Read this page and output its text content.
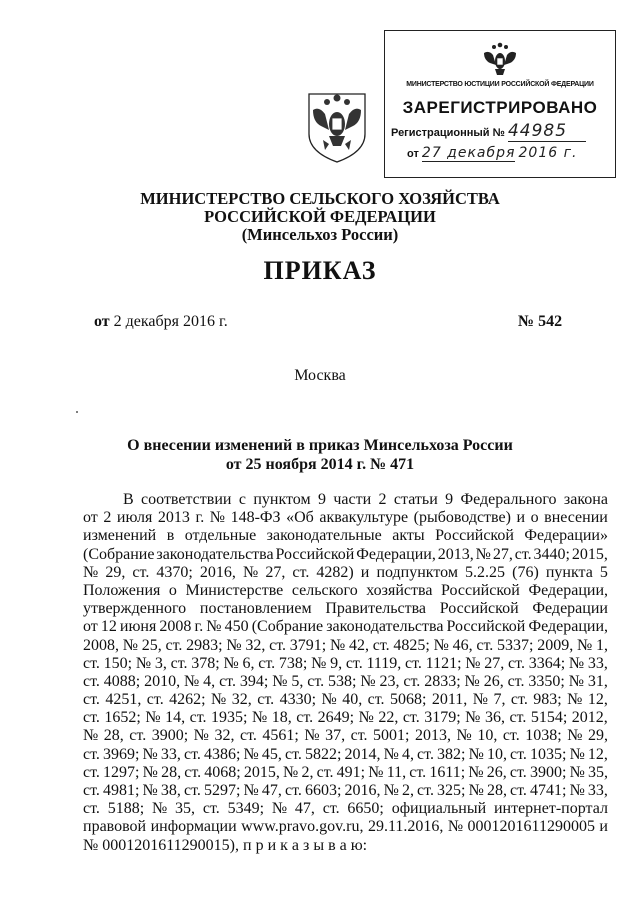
МИНИСТЕРСТВО ЮСТИЦИИ РОССИЙСКОЙ ФЕДЕРАЦИИ
ЗАРЕГИСТРИРОВАНО
Регистрационный № 44985
от 27 декабря 2016 г.
МИНИСТЕРСТВО СЕЛЬСКОГО ХОЗЯЙСТВА
РОССИЙСКОЙ ФЕДЕРАЦИИ
(Минсельхоз России)
ПРИКАЗ
от 2 декабря 2016 г.	№ 542
Москва
О внесении изменений в приказ Минсельхоза России
от 25 ноября 2014 г. № 471
В соответствии с пунктом 9 части 2 статьи 9 Федерального закона
от 2 июля 2013 г. № 148-ФЗ «Об аквакультуре (рыбоводстве) и о внесении
изменений в отдельные законодательные акты Российской Федерации»
(Собрание законодательства Российской Федерации, 2013, № 27, ст. 3440; 2015,
№ 29, ст. 4370; 2016, № 27, ст. 4282) и подпунктом 5.2.25 (76) пункта 5
Положения о Министерстве сельского хозяйства Российской Федерации,
утвержденного постановлением Правительства Российской Федерации
от 12 июня 2008 г. № 450 (Собрание законодательства Российской Федерации,
2008, № 25, ст. 2983; № 32, ст. 3791; № 42, ст. 4825; № 46, ст. 5337; 2009, № 1,
ст. 150; № 3, ст. 378; № 6, ст. 738; № 9, ст. 1119, ст. 1121; № 27, ст. 3364; № 33,
ст. 4088; 2010, № 4, ст. 394; № 5, ст. 538; № 23, ст. 2833; № 26, ст. 3350; № 31,
ст. 4251, ст. 4262; № 32, ст. 4330; № 40, ст. 5068; 2011, № 7, ст. 983; № 12,
ст. 1652; № 14, ст. 1935; № 18, ст. 2649; № 22, ст. 3179; № 36, ст. 5154; 2012,
№ 28, ст. 3900; № 32, ст. 4561; № 37, ст. 5001; 2013, № 10, ст. 1038; № 29,
ст. 3969; № 33, ст. 4386; № 45, ст. 5822; 2014, № 4, ст. 382; № 10, ст. 1035; № 12,
ст. 1297; № 28, ст. 4068; 2015, № 2, ст. 491; № 11, ст. 1611; № 26, ст. 3900; № 35,
ст. 4981; № 38, ст. 5297; № 47, ст. 6603; 2016, № 2, ст. 325; № 28, ст. 4741; № 33,
ст. 5188; № 35, ст. 5349; № 47, ст. 6650; официальный интернет-портал
правовой информации www.pravo.gov.ru, 29.11.2016, № 0001201611290005 и
№ 0001201611290015), п р и к а з ы в а ю:
